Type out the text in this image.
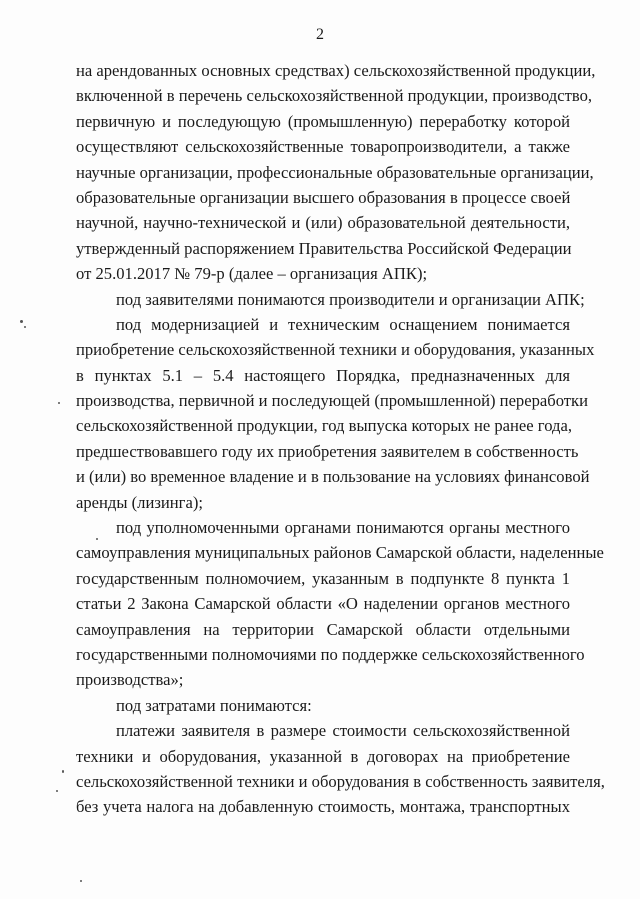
2
на арендованных основных средствах) сельскохозяйственной продукции,
включенной в перечень сельскохозяйственной продукции, производство,
первичную и последующую (промышленную) переработку которой
осуществляют сельскохозяйственные товаропроизводители, а также
научные организации, профессиональные образовательные организации,
образовательные организации высшего образования в процессе своей
научной, научно-технической и (или) образовательной деятельности,
утвержденный распоряжением Правительства Российской Федерации
от 25.01.2017 № 79-р (далее – организация АПК);
под заявителями понимаются производители и организации АПК;
под модернизацией и техническим оснащением понимается
приобретение сельскохозяйственной техники и оборудования, указанных
в пунктах 5.1 – 5.4 настоящего Порядка, предназначенных для
производства, первичной и последующей (промышленной) переработки
сельскохозяйственной продукции, год выпуска которых не ранее года,
предшествовавшего году их приобретения заявителем в собственность
и (или) во временное владение и в пользование на условиях финансовой
аренды (лизинга);
под уполномоченными органами понимаются органы местного
самоуправления муниципальных районов Самарской области, наделенные
государственным полномочием, указанным в подпункте 8 пункта 1
статьи 2 Закона Самарской области «О наделении органов местного
самоуправления на территории Самарской области отдельными
государственными полномочиями по поддержке сельскохозяйственного
производства»;
под затратами понимаются:
платежи заявителя в размере стоимости сельскохозяйственной
техники и оборудования, указанной в договорах на приобретение
сельскохозяйственной техники и оборудования в собственность заявителя,
без учета налога на добавленную стоимость, монтажа, транспортных
